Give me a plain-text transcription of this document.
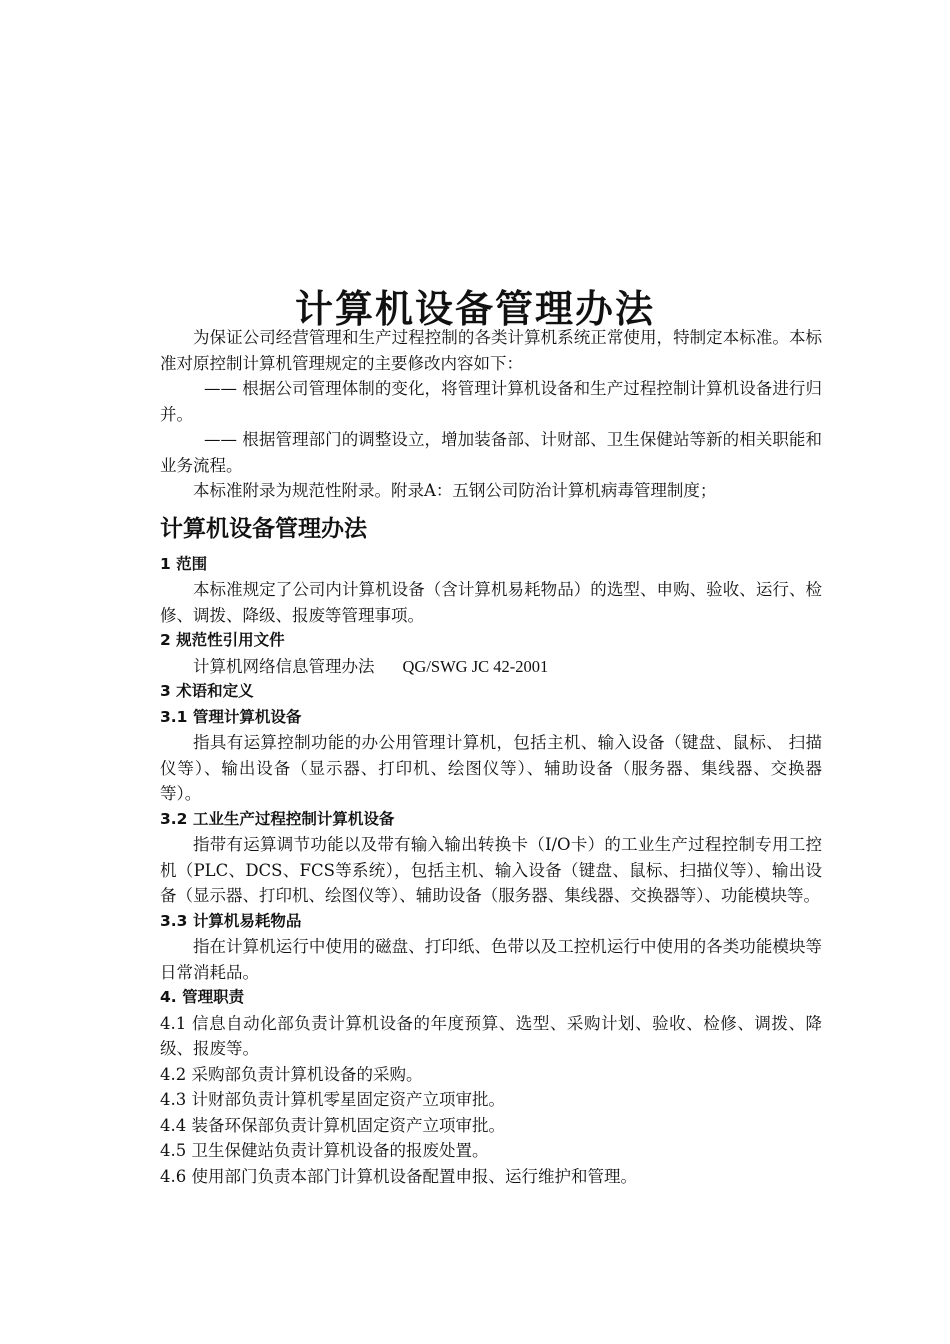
计算机设备管理办法

为保证公司经营管理和生产过程控制的各类计算机系统正常使用，特制定本标准。本标准对原控制计算机管理规定的主要修改内容如下：

—— 根据公司管理体制的变化，将管理计算机设备和生产过程控制计算机设备进行归并。

—— 根据管理部门的调整设立，增加装备部、计财部、卫生保健站等新的相关职能和业务流程。

本标准附录为规范性附录。附录A：五钢公司防治计算机病毒管理制度；

计算机设备管理办法

1 范围

本标准规定了公司内计算机设备（含计算机易耗物品）的选型、申购、验收、运行、检修、调拨、降级、报废等管理事项。

2 规范性引用文件

计算机网络信息管理办法 QG/SWG JC 42-2001

3 术语和定义

3.1 管理计算机设备

指具有运算控制功能的办公用管理计算机，包括主机、输入设备（键盘、鼠标、 扫描仪等）、输出设备（显示器、打印机、绘图仪等）、辅助设备（服务器、集线器、交换器等）。

3.2 工业生产过程控制计算机设备

指带有运算调节功能以及带有输入输出转换卡（I/O卡）的工业生产过程控制专用工控机（PLC、DCS、FCS等系统），包括主机、输入设备（键盘、鼠标、扫描仪等）、输出设备（显示器、打印机、绘图仪等）、辅助设备（服务器、集线器、交换器等）、功能模块等。

3.3 计算机易耗物品

指在计算机运行中使用的磁盘、打印纸、色带以及工控机运行中使用的各类功能模块等日常消耗品。

4. 管理职责

4.1 信息自动化部负责计算机设备的年度预算、选型、采购计划、验收、检修、调拨、降级、报废等。

4.2 采购部负责计算机设备的采购。

4.3 计财部负责计算机零星固定资产立项审批。

4.4 装备环保部负责计算机固定资产立项审批。

4.5 卫生保健站负责计算机设备的报废处置。

4.6 使用部门负责本部门计算机设备配置申报、运行维护和管理。
